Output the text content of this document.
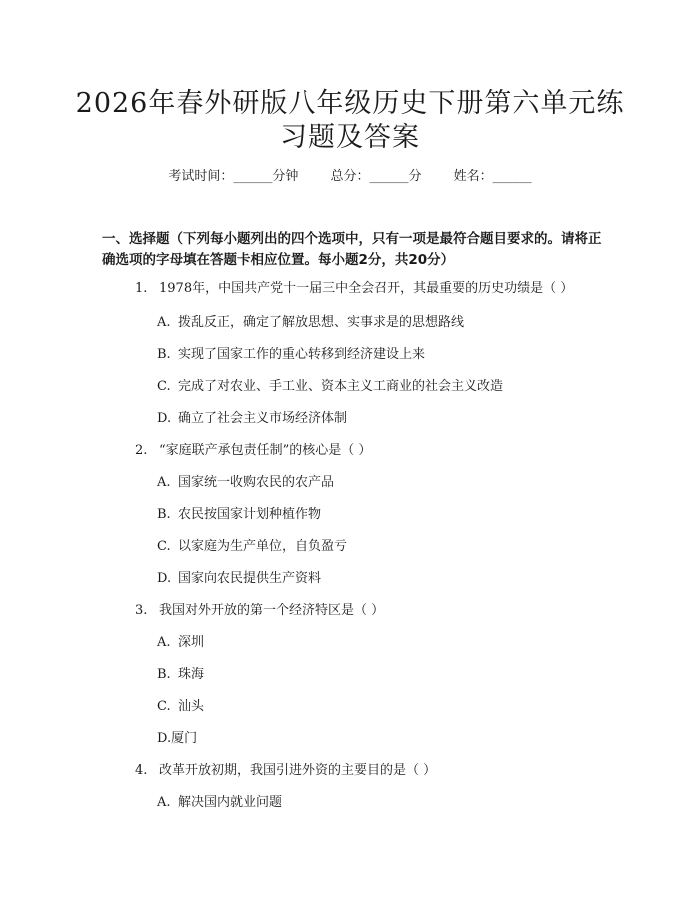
2026年春外研版八年级历史下册第六单元练
习题及答案
考试时间：______分钟 总分：______分 姓名：______
一、选择题（下列每小题列出的四个选项中，只有一项是最符合题目要求的。请将正确选项的字母填在答题卡相应位置。每小题2分，共20分）
1. 1978年，中国共产党十一届三中全会召开，其最重要的历史功绩是（ ）
A. 拨乱反正，确定了解放思想、实事求是的思想路线
B. 实现了国家工作的重心转移到经济建设上来
C. 完成了对农业、手工业、资本主义工商业的社会主义改造
D. 确立了社会主义市场经济体制
2. “家庭联产承包责任制”的核心是（ ）
A. 国家统一收购农民的农产品
B. 农民按国家计划种植作物
C. 以家庭为生产单位，自负盈亏
D. 国家向农民提供生产资料
3. 我国对外开放的第一个经济特区是（ ）
A. 深圳
B. 珠海
C. 汕头
D.厦门
4. 改革开放初期，我国引进外资的主要目的是（ ）
A. 解决国内就业问题
